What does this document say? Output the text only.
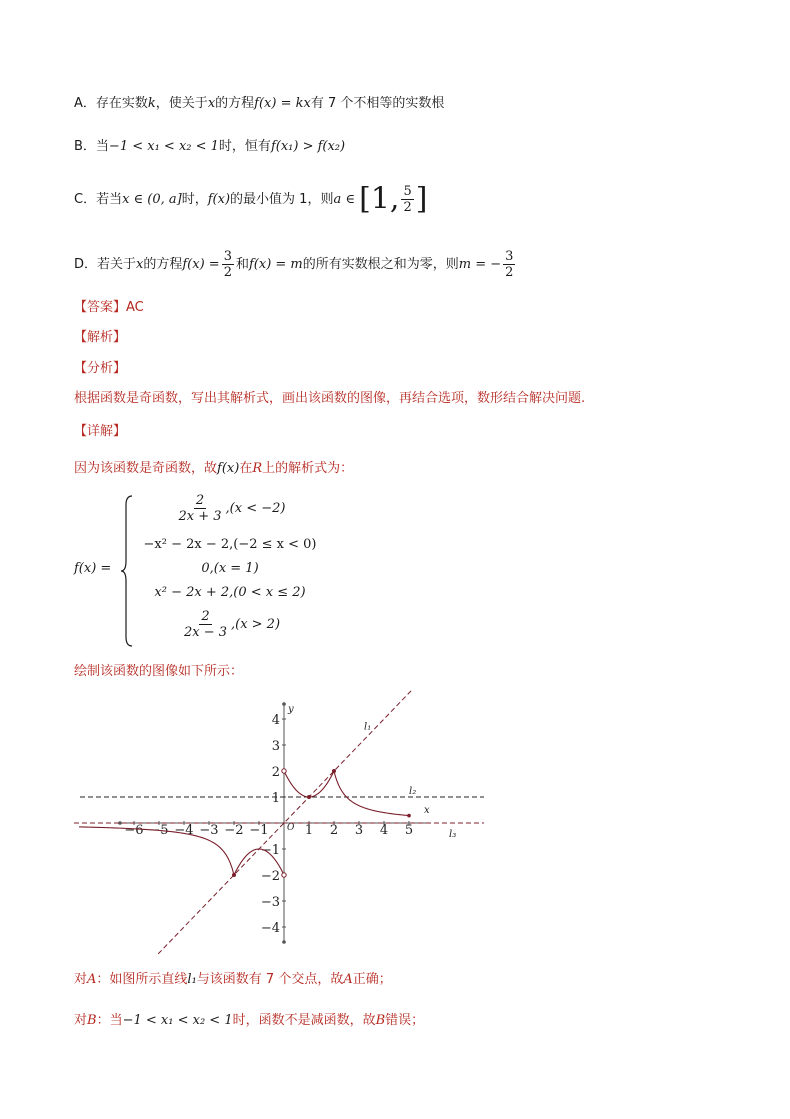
A．存在实数k，使关于x的方程f(x) = kx有 7 个不相等的实数根
B．当−1 < x₁ < x₂ < 1时，恒有f(x₁) > f(x₂)
C．若当x ∈ (0, a]时，f(x)的最小值为 1，则a ∈ [1, $\frac{5}{2}$ ]
D．若关于x的方程$f(x) = \frac{3}{2}$ 和f(x) = m的所有实数根之和为零，则m = − $\frac{3}{2}$
【答案】AC
【解析】
【分析】
根据函数是奇函数，写出其解析式，画出该函数的图像，再结合选项，数形结合解决问题.
【详解】
因为该函数是奇函数，故f(x)在R上的解析式为：
f(x) =
$\frac{2}{2x + 3} ,(x < -2)$
−x² − 2x − 2,(−2 ≤ x < 0)
0,(x = 1)
x² − 2x + 2,(0 < x ≤ 2)
$\frac{2}{2x - 3} ,(x > 2)$
绘制该函数的图像如下所示：
−6 −5 −4 −3 −2 −1	1 2 3 4 5
4
3
2
1
−1
−2
−3
−4
O
x
y
l₁
l₂
l₃
对A：如图所示直线l₁与该函数有 7 个交点，故A正确；
对B：当−1 < x₁ < x₂ < 1时，函数不是减函数，故B错误；
